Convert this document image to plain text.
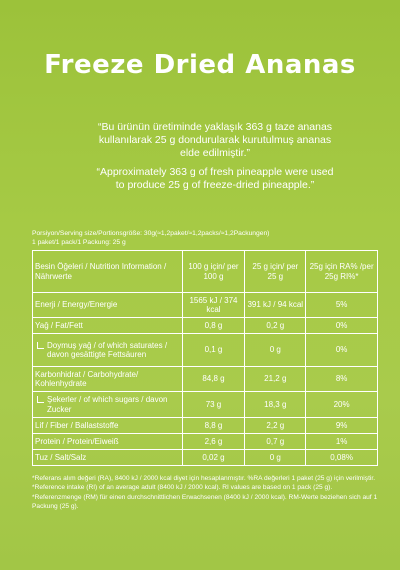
Freeze Dried Ananas

“Bu ürünün üretiminde yaklaşık 363 g taze ananas kullanılarak 25 g dondurularak kurutulmuş ananas elde edilmiştir.”

“Approximately 363 g of fresh pineapple were used to produce 25 g of freeze-dried pineapple.”

Porsiyon/Serving size/Portionsgröße: 30g(≈1,2paket/≈1,2packs/≈1,2Packungen)
1 paket/1 pack/1 Packung: 25 g
Besin Öğeleri / Nutrition Information / Nährwerte	100 g için/ per 100 g	25 g için/ per 25 g	25g için RA% /per 25g RI%*
Enerji / Energy/Energie	1565 kJ / 374 kcal	391 kJ / 94 kcal	5%
Yağ / Fat/Fett	0,8 g	0,2 g	0%
Doymuş yağ / of which saturates / davon gesättigte Fettsäuren	0,1 g	0 g	0%
Karbonhidrat / Carbohydrate/ Kohlenhydrate	84,8 g	21,2 g	8%
Şekerler / of which sugars / davon Zucker	73 g	18,3 g	20%
Lif / Fiber / Ballaststoffe	8,8 g	2,2 g	9%
Protein / Protein/Eiweiß	2,6 g	0,7 g	1%
Tuz / Salt/Salz	0,02 g	0 g	0,08%

*Referans alım değeri (RA), 8400 kJ / 2000 kcal diyet için hesaplanmıştır. %RA değerleri 1 paket (25 g) için verilmiştir. *Reference intake (RI) of an average adult (8400 kJ / 2000 kcal). RI values are based on 1 pack (25 g). *Referenzmenge (RM) für einen durchschnittlichen Erwachsenen (8400 kJ / 2000 kcal). RM-Werte beziehen sich auf 1 Packung (25 g).
